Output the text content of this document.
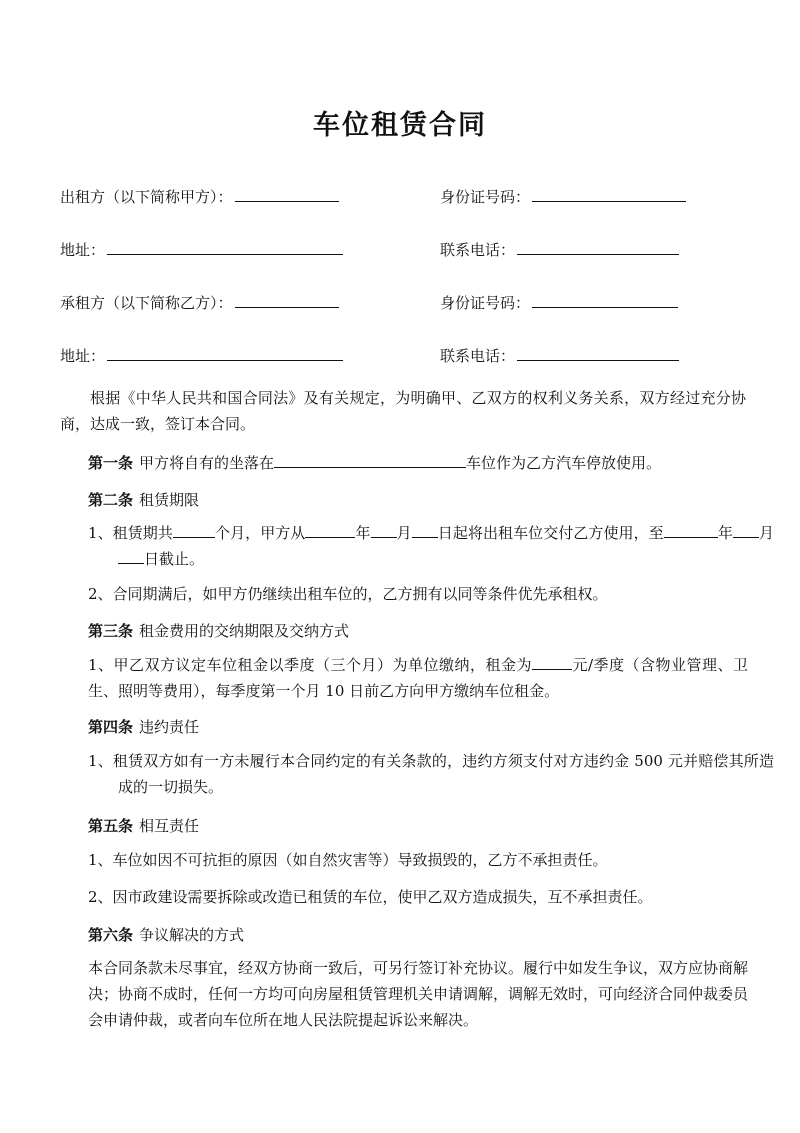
车位租赁合同
出租方（以下简称甲方）：	身份证号码：
地址：	联系电话：
承租方（以下简称乙方）：	身份证号码：
地址：	联系电话：
根据《中华人民共和国合同法》及有关规定，为明确甲、乙双方的权利义务关系，双方经过充分协商，达成一致，签订本合同。
第一条 甲方将自有的坐落在	车位作为乙方汽车停放使用。
第二条 租赁期限
1、租赁期共	个月，甲方从	年 月 日起将出租车位交付乙方使用，至	年 月日截止。
2、合同期满后，如甲方仍继续出租车位的，乙方拥有以同等条件优先承租权。
第三条 租金费用的交纳期限及交纳方式
1、甲乙双方议定车位租金以季度（三个月）为单位缴纳，租金为	元/季度（含物业管理、卫生、照明等费用），每季度第一个月 10 日前乙方向甲方缴纳车位租金。
第四条 违约责任
1、租赁双方如有一方未履行本合同约定的有关条款的，违约方须支付对方违约金 500 元并赔偿其所造成的一切损失。
第五条 相互责任
1、车位如因不可抗拒的原因（如自然灾害等）导致损毁的，乙方不承担责任。
2、因市政建设需要拆除或改造已租赁的车位，使甲乙双方造成损失，互不承担责任。
第六条 争议解决的方式
本合同条款未尽事宜，经双方协商一致后，可另行签订补充协议。履行中如发生争议，双方应协商解决；协商不成时，任何一方均可向房屋租赁管理机关申请调解，调解无效时，可向经济合同仲裁委员会申请仲裁，或者向车位所在地人民法院提起诉讼来解决。
